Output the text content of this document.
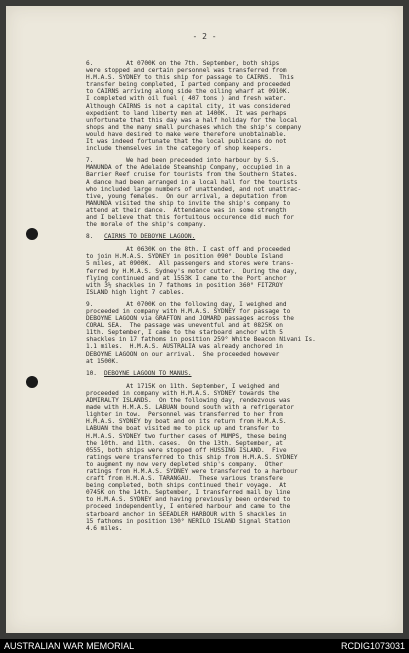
- 2 -
6.         At 0700K on the 7th. September, both ships
were stopped and certain personnel was transferred from
H.M.A.S. SYDNEY to this ship for passage to CAIRNS.  This
transfer being completed, I parted company and proceeded
to CAIRNS arriving along side the oiling wharf at 0910K.
I completed with oil fuel ( 407 tons ) and fresh water.
Although CAIRNS is not a capital city, it was considered
expedient to land liberty men at 1400K.  It was perhaps
unfortunate that this day was a half holiday for the local
shops and the many small purchases which the ship's company
would have desired to make were therefore unobtainable.
It was indeed fortunate that the local publicans do not
include themselves in the category of shop keepers.
7.         We had been preceeded into harbour by S.S.
MANUNDA of the Adelaide Steamship Company, occupied in a
Barrier Reef cruise for tourists from the Southern States.
A dance had been arranged in a local hall for the tourists
who included large numbers of unattended, and not unattrac-
tive, young females.  On our arrival, a deputation from
MANUNDA visited the ship to invite the ship's company to
attend at their dance.  Attendance was in some strength
and I believe that this fortuitous occurence did much for
the morale of the ship's company.
8. CAIRNS TO DEBOYNE LAGOON.
At 0630K on the 8th. I cast off and proceeded
to join H.M.A.S. SYDNEY in position 090° Double Island
5 miles, at 0900K.  All passengers and stores were trans-
ferred by H.M.A.S. Sydney's motor cutter.  During the day,
flying continued and at 1553K I came to the Port anchor
with 3½ shackles in 7 fathoms in position 360° FITZROY
ISLAND high light 7 cables.
9.         At 0700K on the following day, I weighed and
proceeded in company with H.M.A.S. SYDNEY for passage to
DEBOYNE LAGOON via GRAFTON and JOMARD passages across the
CORAL SEA.  The passage was uneventful and at 0825K on
11th. September, I came to the starboard anchor with 5
shackles in 17 fathoms in position 259° White Beacon Nivani Is.
1.1 miles.  H.M.A.S. AUSTRALIA was already anchored in
DEBOYNE LAGOON on our arrival.  She proceeded however
at 1500K.
10. DEBOYNE LAGOON TO MANUS.
At 1715K on 11th. September, I weighed and
proceeded in company with H.M.A.S. SYDNEY towards the
ADMIRALTY ISLANDS.  On the following day, rendezvous was
made with H.M.A.S. LABUAN bound south with a refrigerator
lighter in tow.  Personnel was transferred to her from
H.M.A.S. SYDNEY by boat and on its return from H.M.A.S.
LABUAN the boat visited me to pick up and transfer to
H.M.A.S. SYDNEY two further cases of MUMPS, these being
the 10th. and 11th. cases.  On the 13th. September, at
0555, both ships were stopped off HUSSING ISLAND.  Five
ratings were transferred to this ship from H.M.A.S. SYDNEY
to augment my now very depleted ship's company.  Other
ratings from H.M.A.S. SYDNEY were transferred to a harbour
craft from H.M.A.S. TARANGAU.  These various transfere
being completed, both ships continued their voyage.  At
0745K on the 14th. September, I transferred mail by line
to H.M.A.S. SYDNEY and having previously been ordered to
proceed independently, I entered harbour and came to the
starboard anchor in SEEADLER HARBOUR with 5 shackles in
15 fathoms in position 130° NERILO ISLAND Signal Station
4.6 miles.
AUSTRALIAN WAR MEMORIAL	RCDIG1073031
